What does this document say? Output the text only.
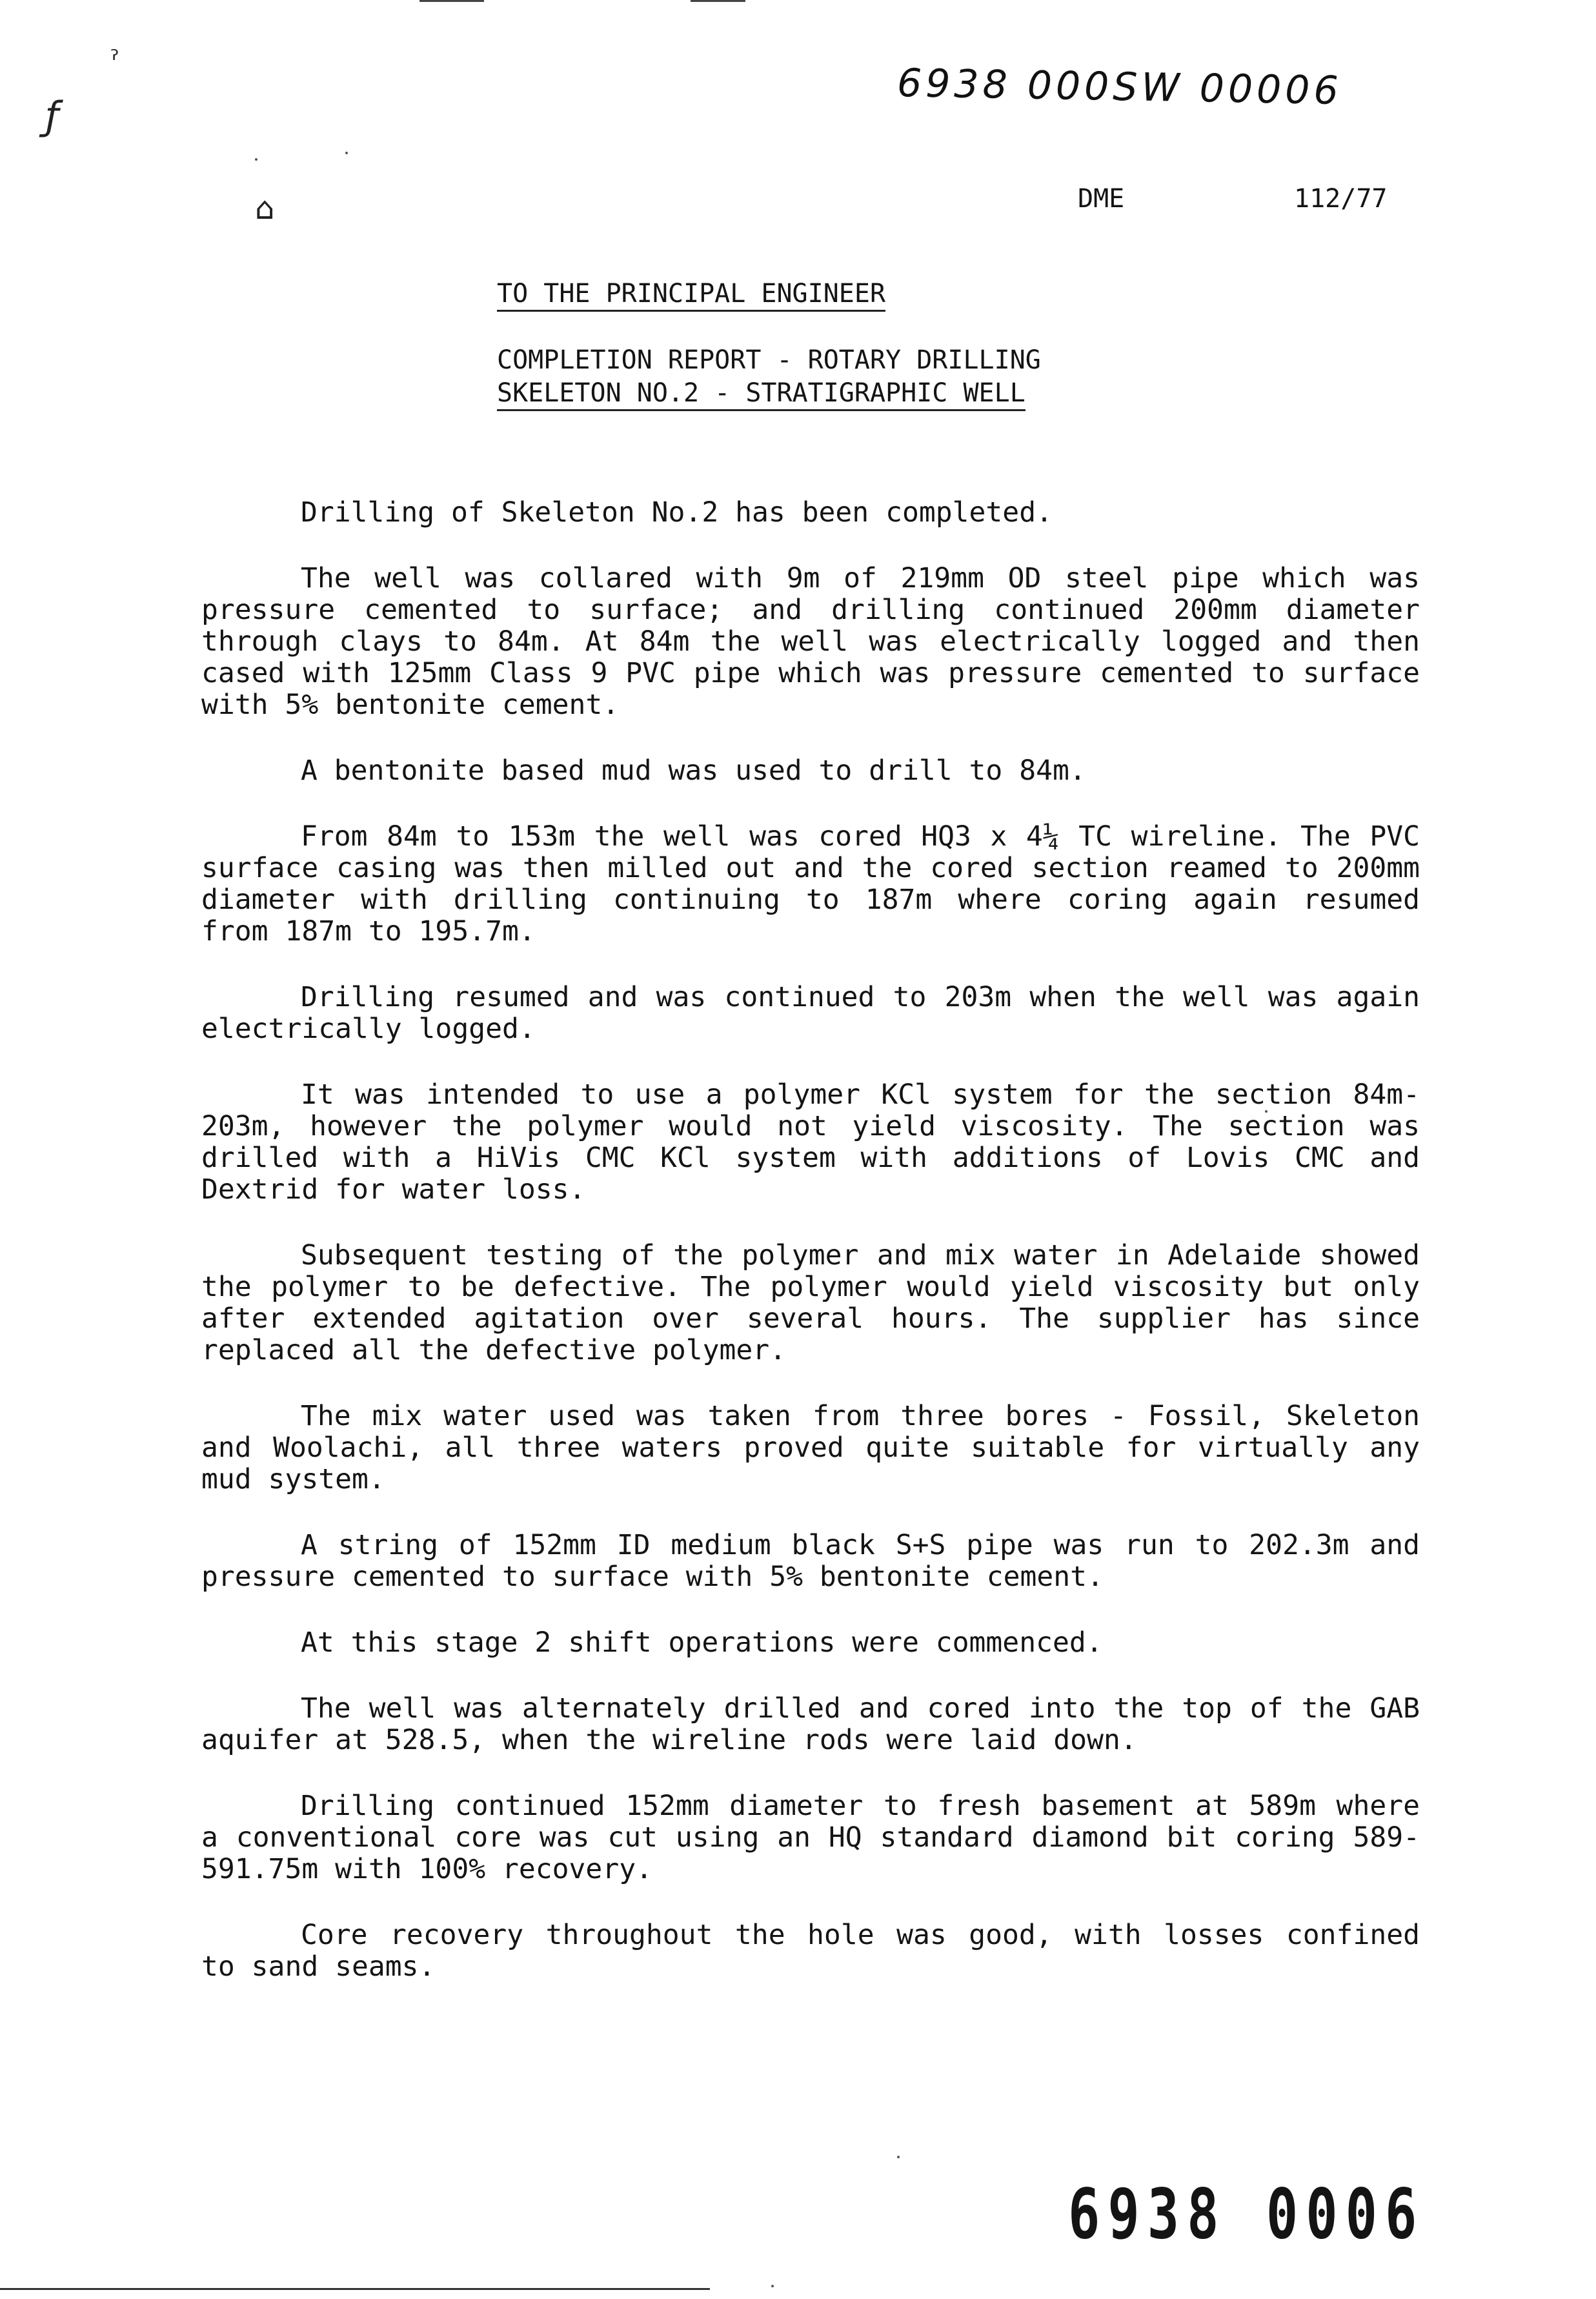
ˀ
ƒ
⌂
6938 000SW 00006
DME	112/77
TO THE PRINCIPAL ENGINEER
COMPLETION REPORT - ROTARY DRILLING
SKELETON NO.2 - STRATIGRAPHIC WELL

Drilling of Skeleton No.2 has been completed.

The well was collared with 9m of 219mm OD steel pipe which was pressure cemented to surface; and drilling continued 200mm diameter through clays to 84m. At 84m the well was electrically logged and then cased with 125mm Class 9 PVC pipe which was pressure cemented to surface with 5% bentonite cement.

A bentonite based mud was used to drill to 84m.

From 84m to 153m the well was cored HQ3 x 4¼ TC wireline. The PVC surface casing was then milled out and the cored section reamed to 200mm diameter with drilling continuing to 187m where coring again resumed from 187m to 195.7m.

Drilling resumed and was continued to 203m when the well was again electrically logged.

It was intended to use a polymer KCl system for the section 84m-203m, however the polymer would not yield viscosity. The section was drilled with a HiVis CMC KCl system with additions of Lovis CMC and Dextrid for water loss.

Subsequent testing of the polymer and mix water in Adelaide showed the polymer to be defective. The polymer would yield viscosity but only after extended agitation over several hours. The supplier has since replaced all the defective polymer.

The mix water used was taken from three bores - Fossil, Skeleton and Woolachi, all three waters proved quite suitable for virtually any mud system.

A string of 152mm ID medium black S+S pipe was run to 202.3m and pressure cemented to surface with 5% bentonite cement.

At this stage 2 shift operations were commenced.

The well was alternately drilled and cored into the top of the GAB aquifer at 528.5, when the wireline rods were laid down.

Drilling continued 152mm diameter to fresh basement at 589m where a conventional core was cut using an HQ standard diamond bit coring 589-591.75m with 100% recovery.

Core recovery throughout the hole was good, with losses confined to sand seams.

6938 0006
